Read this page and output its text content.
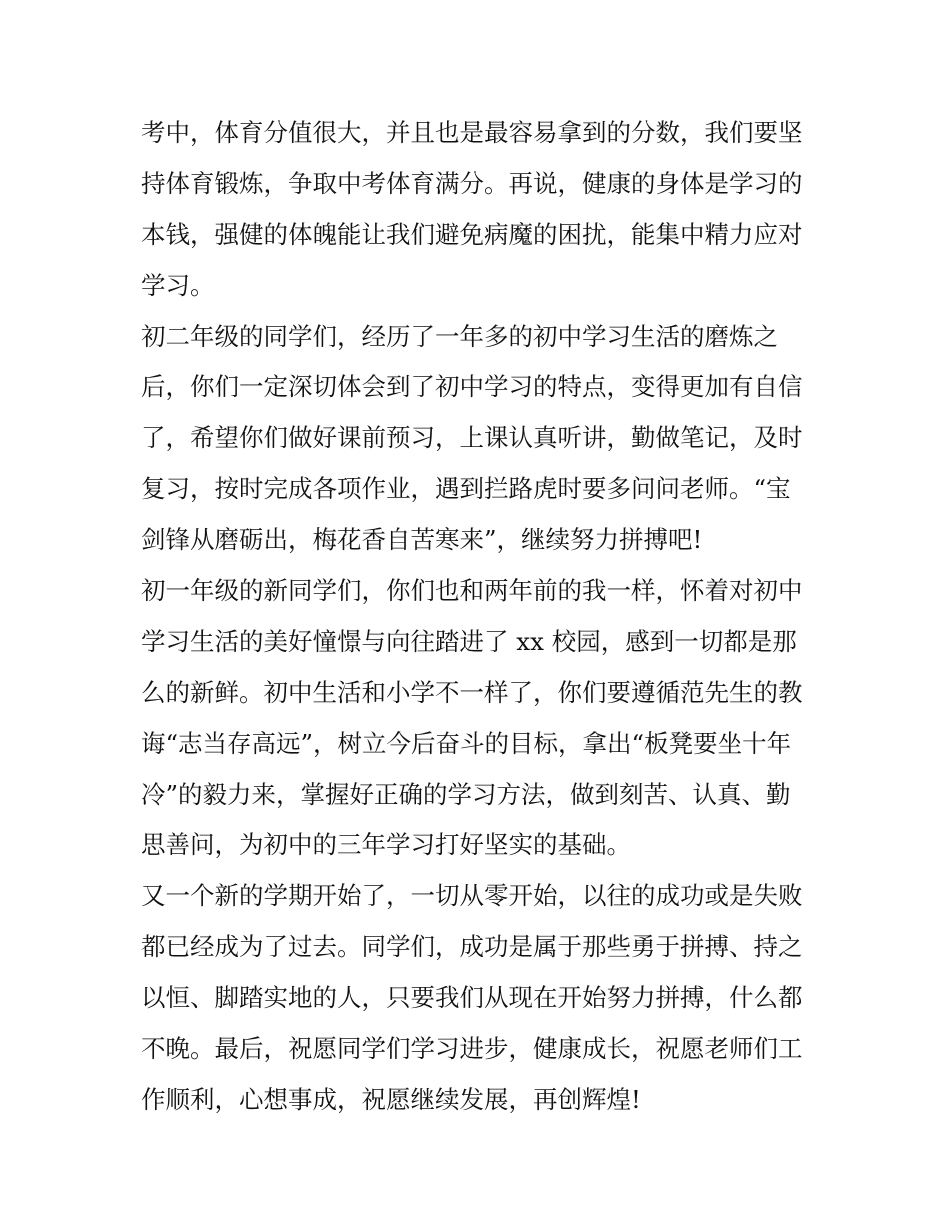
考中，体育分值很大，并且也是最容易拿到的分数，我们要坚
持体育锻炼，争取中考体育满分。再说，健康的身体是学习的
本钱，强健的体魄能让我们避免病魔的困扰，能集中精力应对
学习。
初二年级的同学们，经历了一年多的初中学习生活的磨炼之
后，你们一定深切体会到了初中学习的特点，变得更加有自信
了，希望你们做好课前预习，上课认真听讲，勤做笔记，及时
复习，按时完成各项作业，遇到拦路虎时要多问问老师。“宝
剑锋从磨砺出，梅花香自苦寒来”，继续努力拼搏吧!
初一年级的新同学们，你们也和两年前的我一样，怀着对初中
学习生活的美好憧憬与向往踏进了 xx 校园，感到一切都是那
么的新鲜。初中生活和小学不一样了，你们要遵循范先生的教
诲“志当存高远”，树立今后奋斗的目标，拿出“板凳要坐十年
冷”的毅力来，掌握好正确的学习方法，做到刻苦、认真、勤
思善问，为初中的三年学习打好坚实的基础。
又一个新的学期开始了，一切从零开始，以往的成功或是失败
都已经成为了过去。同学们，成功是属于那些勇于拼搏、持之
以恒、脚踏实地的人，只要我们从现在开始努力拼搏，什么都
不晚。最后，祝愿同学们学习进步，健康成长，祝愿老师们工
作顺利，心想事成，祝愿继续发展，再创辉煌!
